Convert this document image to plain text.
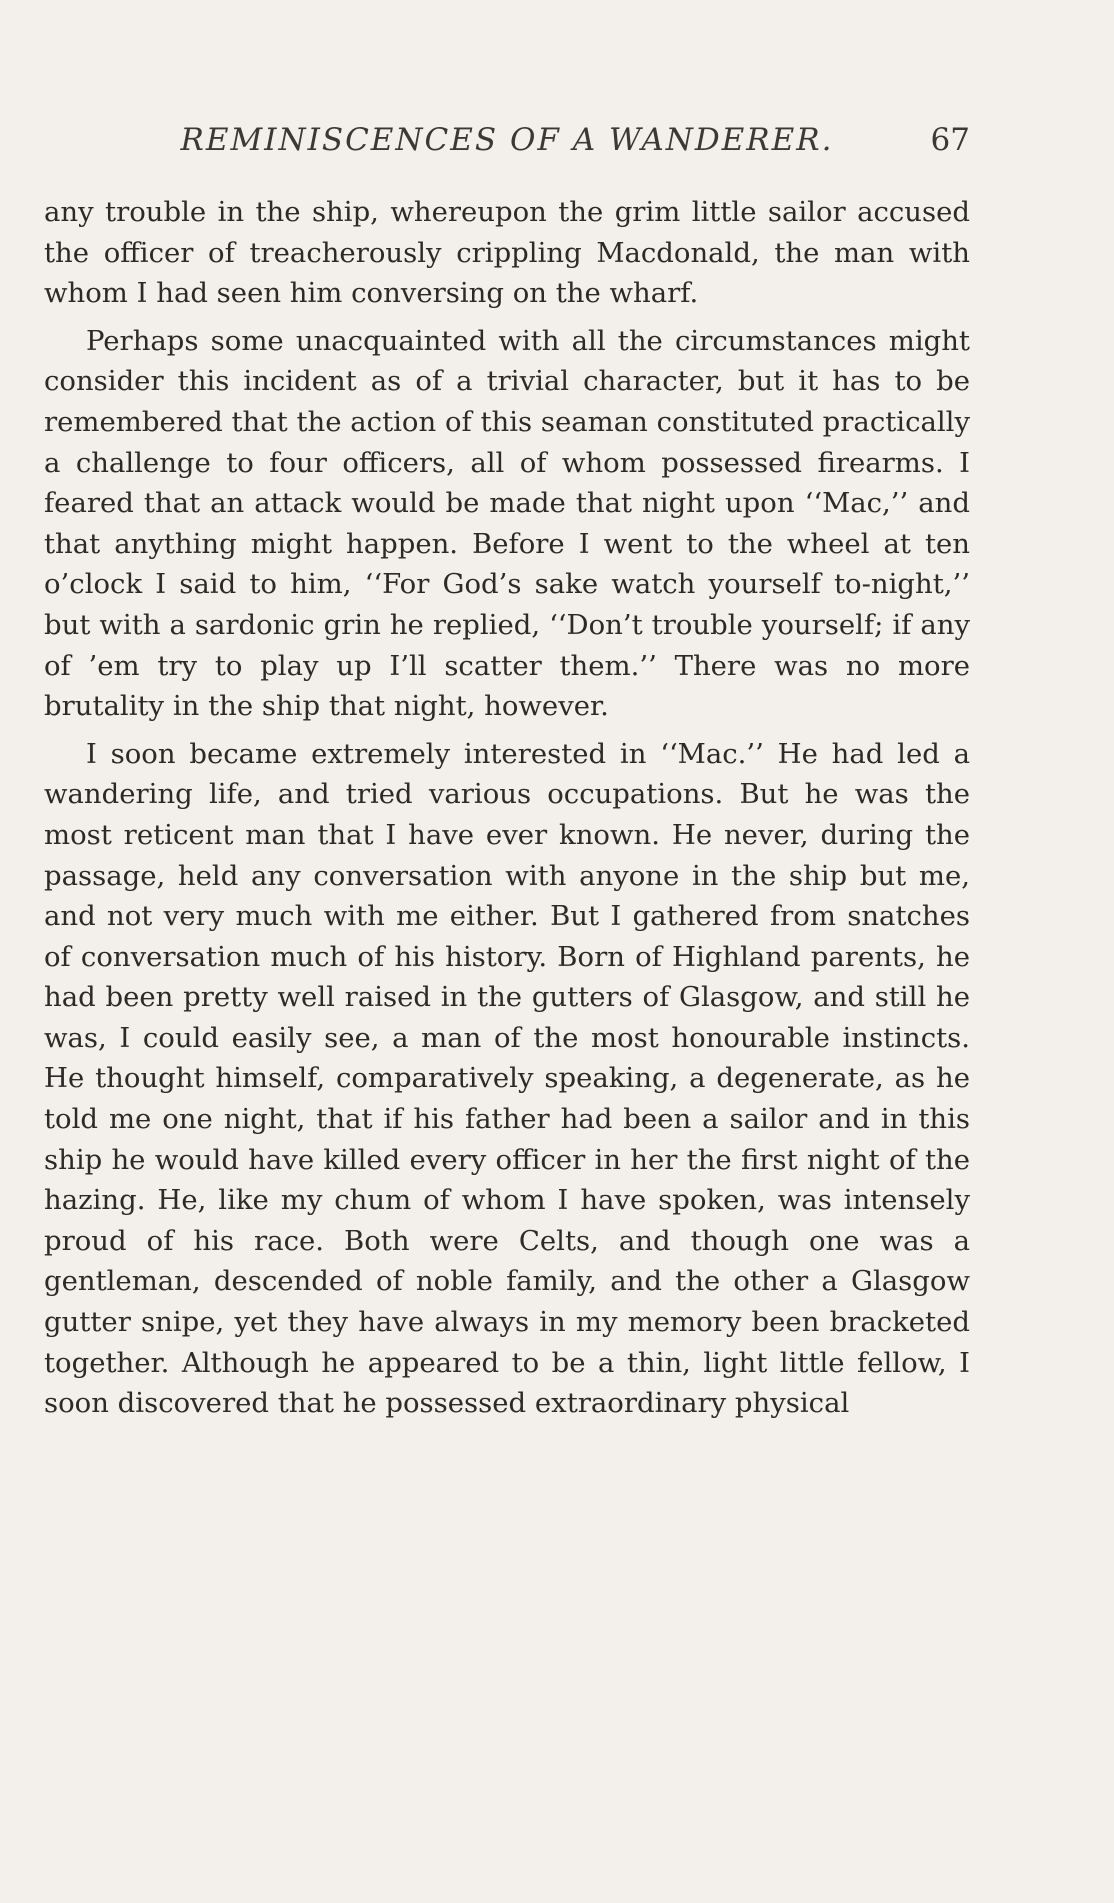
REMINISCENCES OF A WANDERER.	67

any trouble in the ship, whereupon the grim little sailor accused the officer of treacherously crippling Macdonald, the man with whom I had seen him conversing on the wharf.

Perhaps some unacquainted with all the circumstances might consider this incident as of a trivial character, but it has to be remembered that the action of this seaman constituted practically a challenge to four officers, all of whom possessed firearms. I feared that an attack would be made that night upon ‘‘Mac,’’ and that anything might happen. Before I went to the wheel at ten o’clock I said to him, ‘‘For God’s sake watch yourself to-night,’’ but with a sardonic grin he replied, ‘‘Don’t trouble yourself; if any of ’em try to play up I’ll scatter them.’’ There was no more brutality in the ship that night, however.

I soon became extremely interested in ‘‘Mac.’’ He had led a wandering life, and tried various occupations. But he was the most reticent man that I have ever known. He never, during the passage, held any conversation with anyone in the ship but me, and not very much with me either. But I gathered from snatches of conversation much of his history. Born of Highland parents, he had been pretty well raised in the gutters of Glasgow, and still he was, I could easily see, a man of the most honourable instincts. He thought himself, comparatively speaking, a degenerate, as he told me one night, that if his father had been a sailor and in this ship he would have killed every officer in her the first night of the hazing. He, like my chum of whom I have spoken, was intensely proud of his race. Both were Celts, and though one was a gentleman, descended of noble family, and the other a Glasgow gutter snipe, yet they have always in my memory been bracketed together. Although he appeared to be a thin, light little fellow, I soon discovered that he possessed extraordinary physical
